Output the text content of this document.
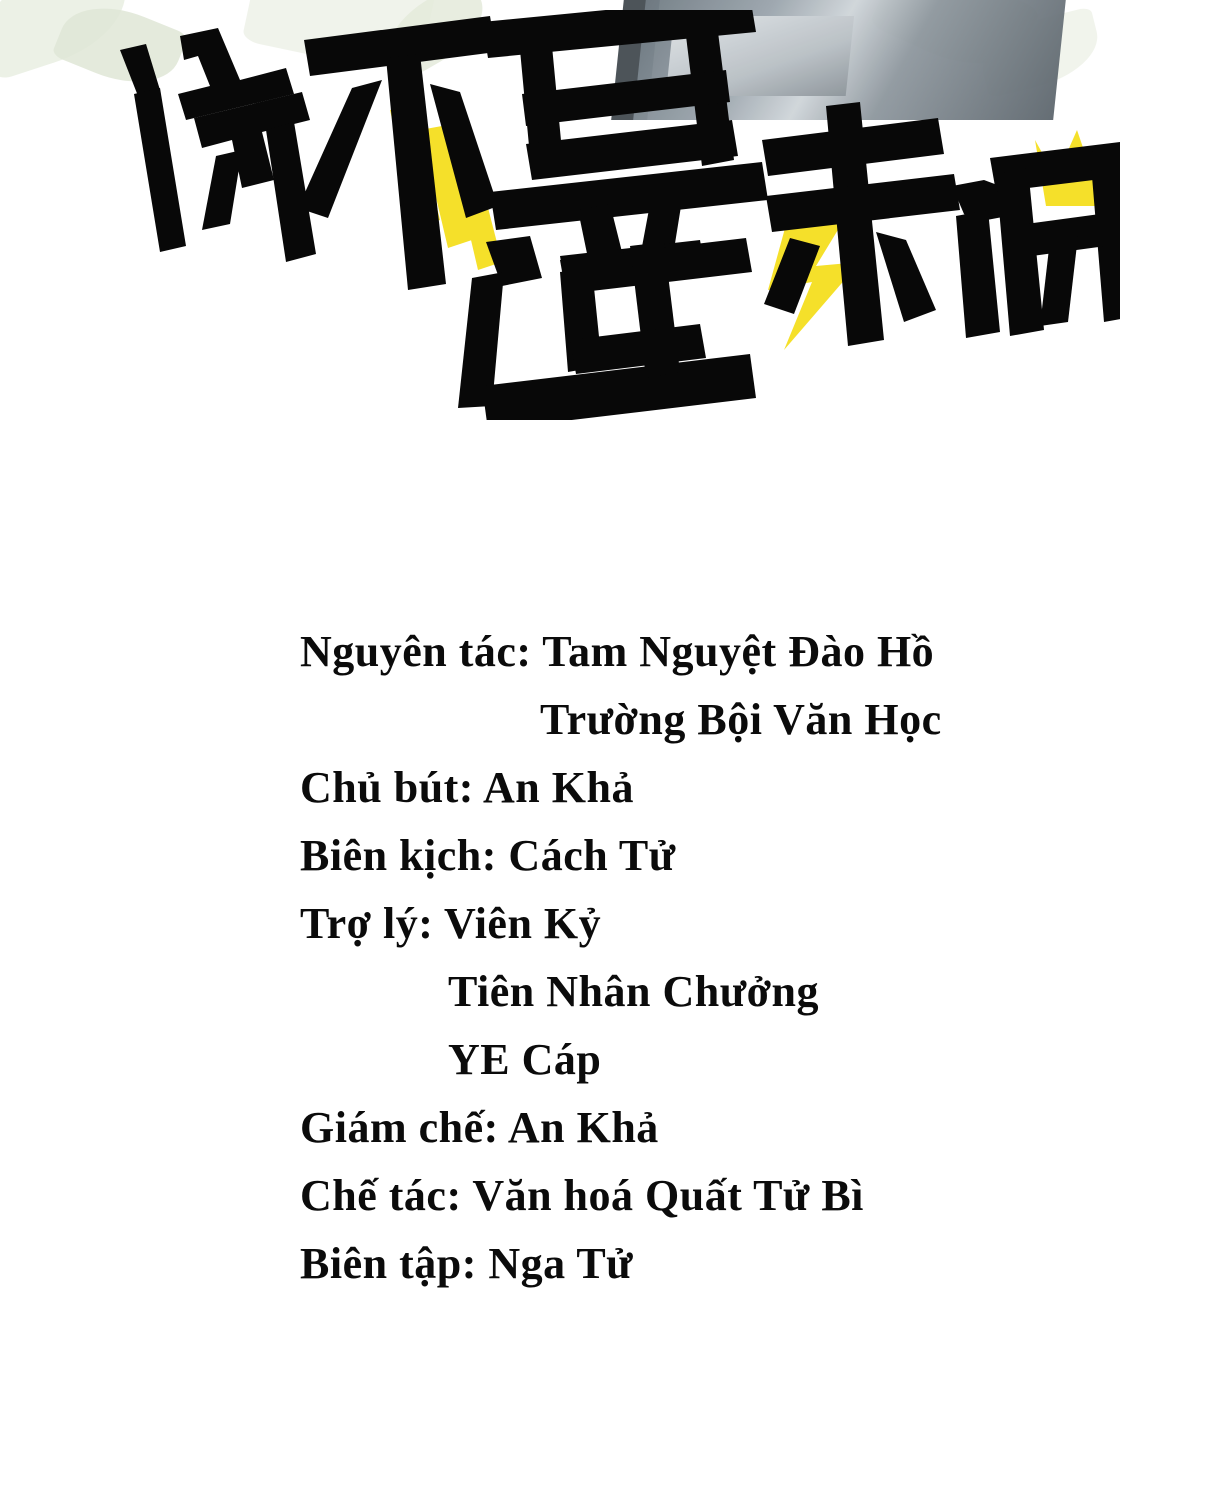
Nguyên tác: Tam Nguyệt Đào Hồ
Trường Bội Văn Học
Chủ bút: An Khả
Biên kịch: Cách Tử
Trợ lý: Viên Kỷ
Tiên Nhân Chưởng
YE Cáp
Giám chế: An Khả
Chế tác: Văn hoá Quất Tử Bì
Biên tập: Nga Tử
